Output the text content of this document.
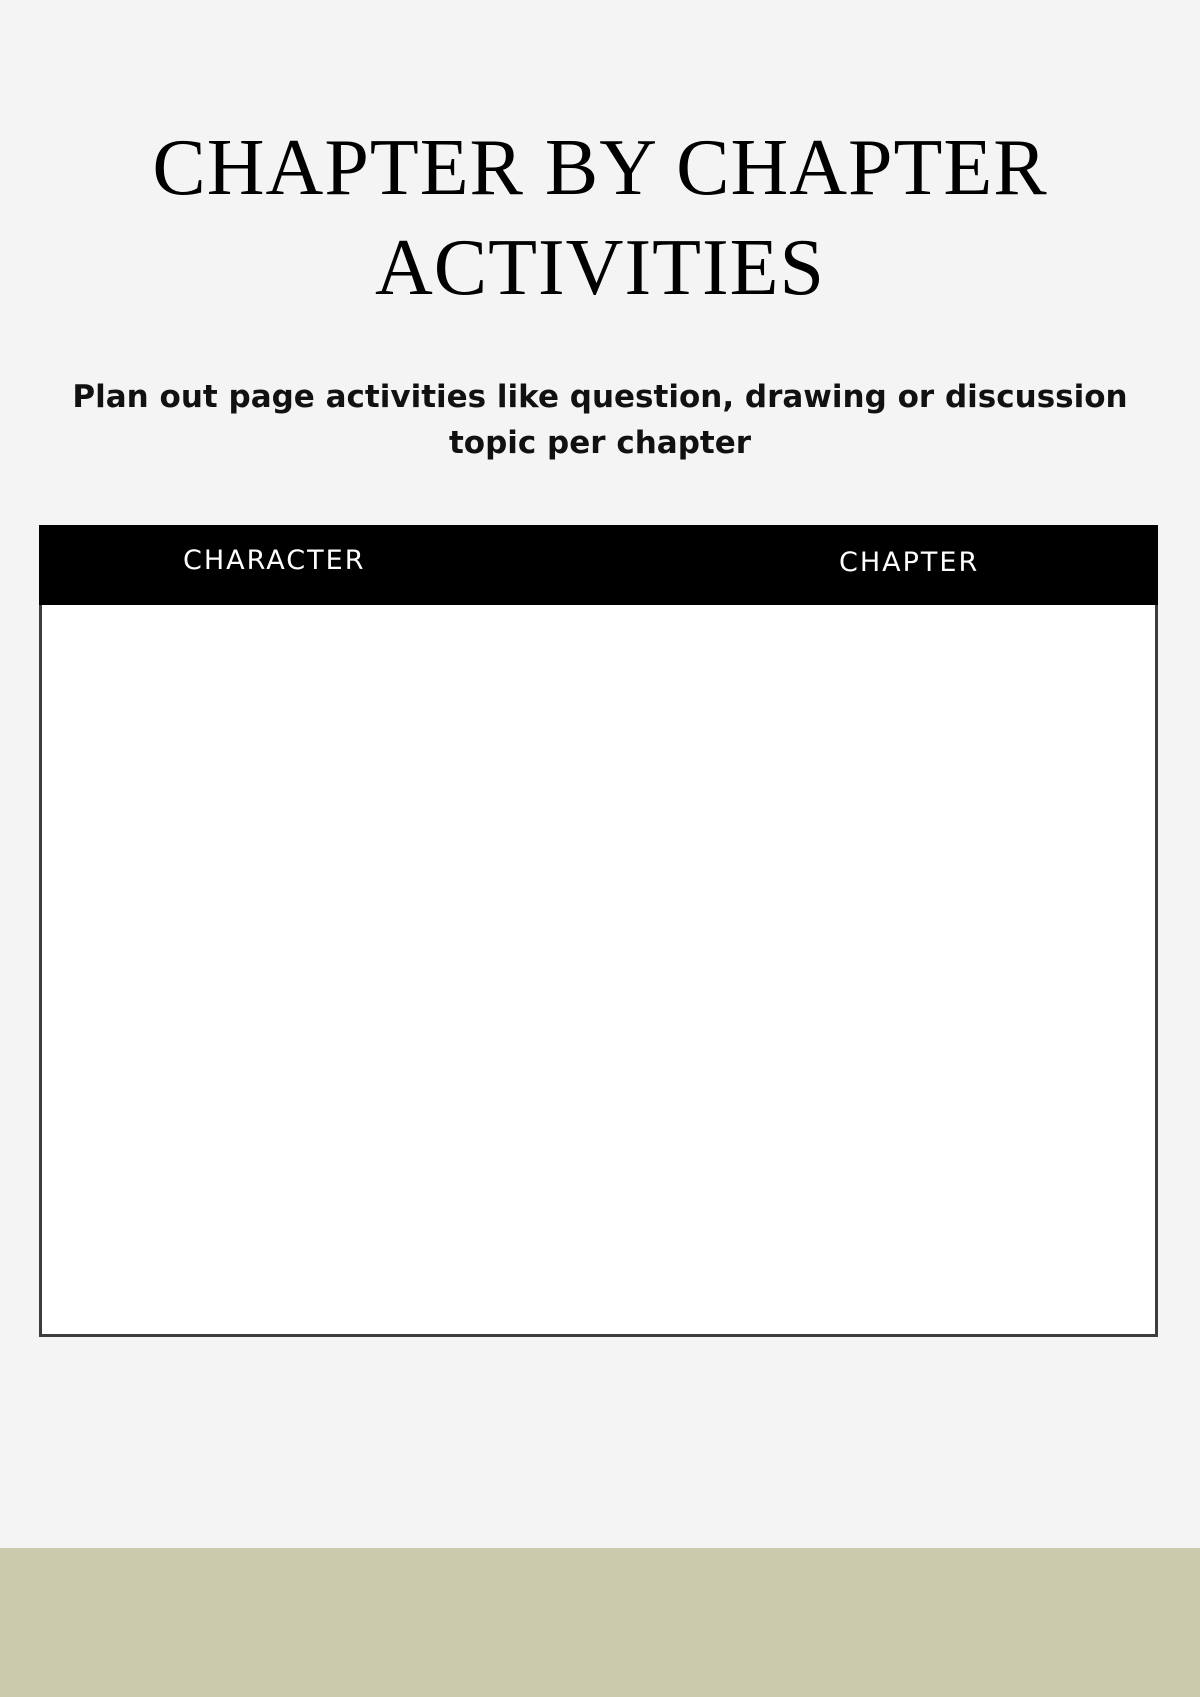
CHAPTER BY CHAPTER
ACTIVITIES

Plan out page activities like question, drawing or discussion topic per chapter

CHARACTER	CHAPTER
